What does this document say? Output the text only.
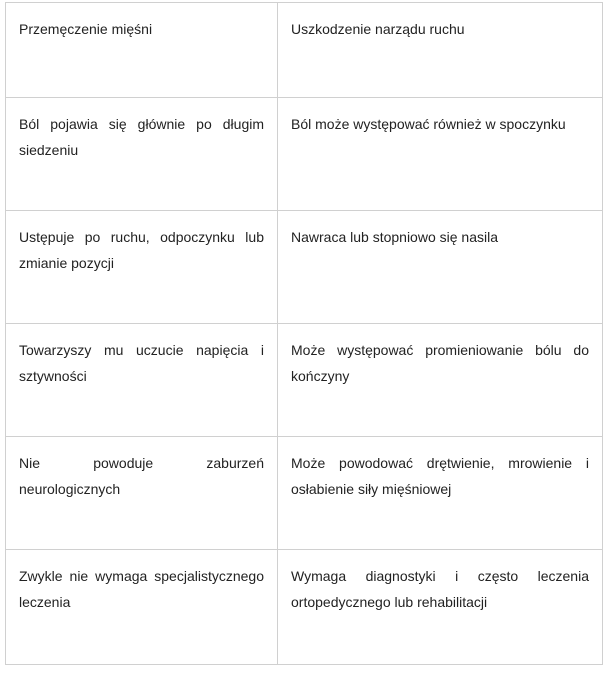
Przemęczenie mięśni	Uszkodzenie narządu ruchu
Ból pojawia się głównie po długim siedzeniu	Ból może występować również w spoczynku
Ustępuje po ruchu, odpoczynku lub zmianie pozycji	Nawraca lub stopniowo się nasila
Towarzyszy mu uczucie napięcia i sztywności	Może występować promieniowanie bólu do kończyny
Nie powoduje zaburzeń neurologicznych	Może powodować drętwienie, mrowienie i osłabienie siły mięśniowej
Zwykle nie wymaga specjalistycznego leczenia	Wymaga diagnostyki i często leczenia ortopedycznego lub rehabilitacji
